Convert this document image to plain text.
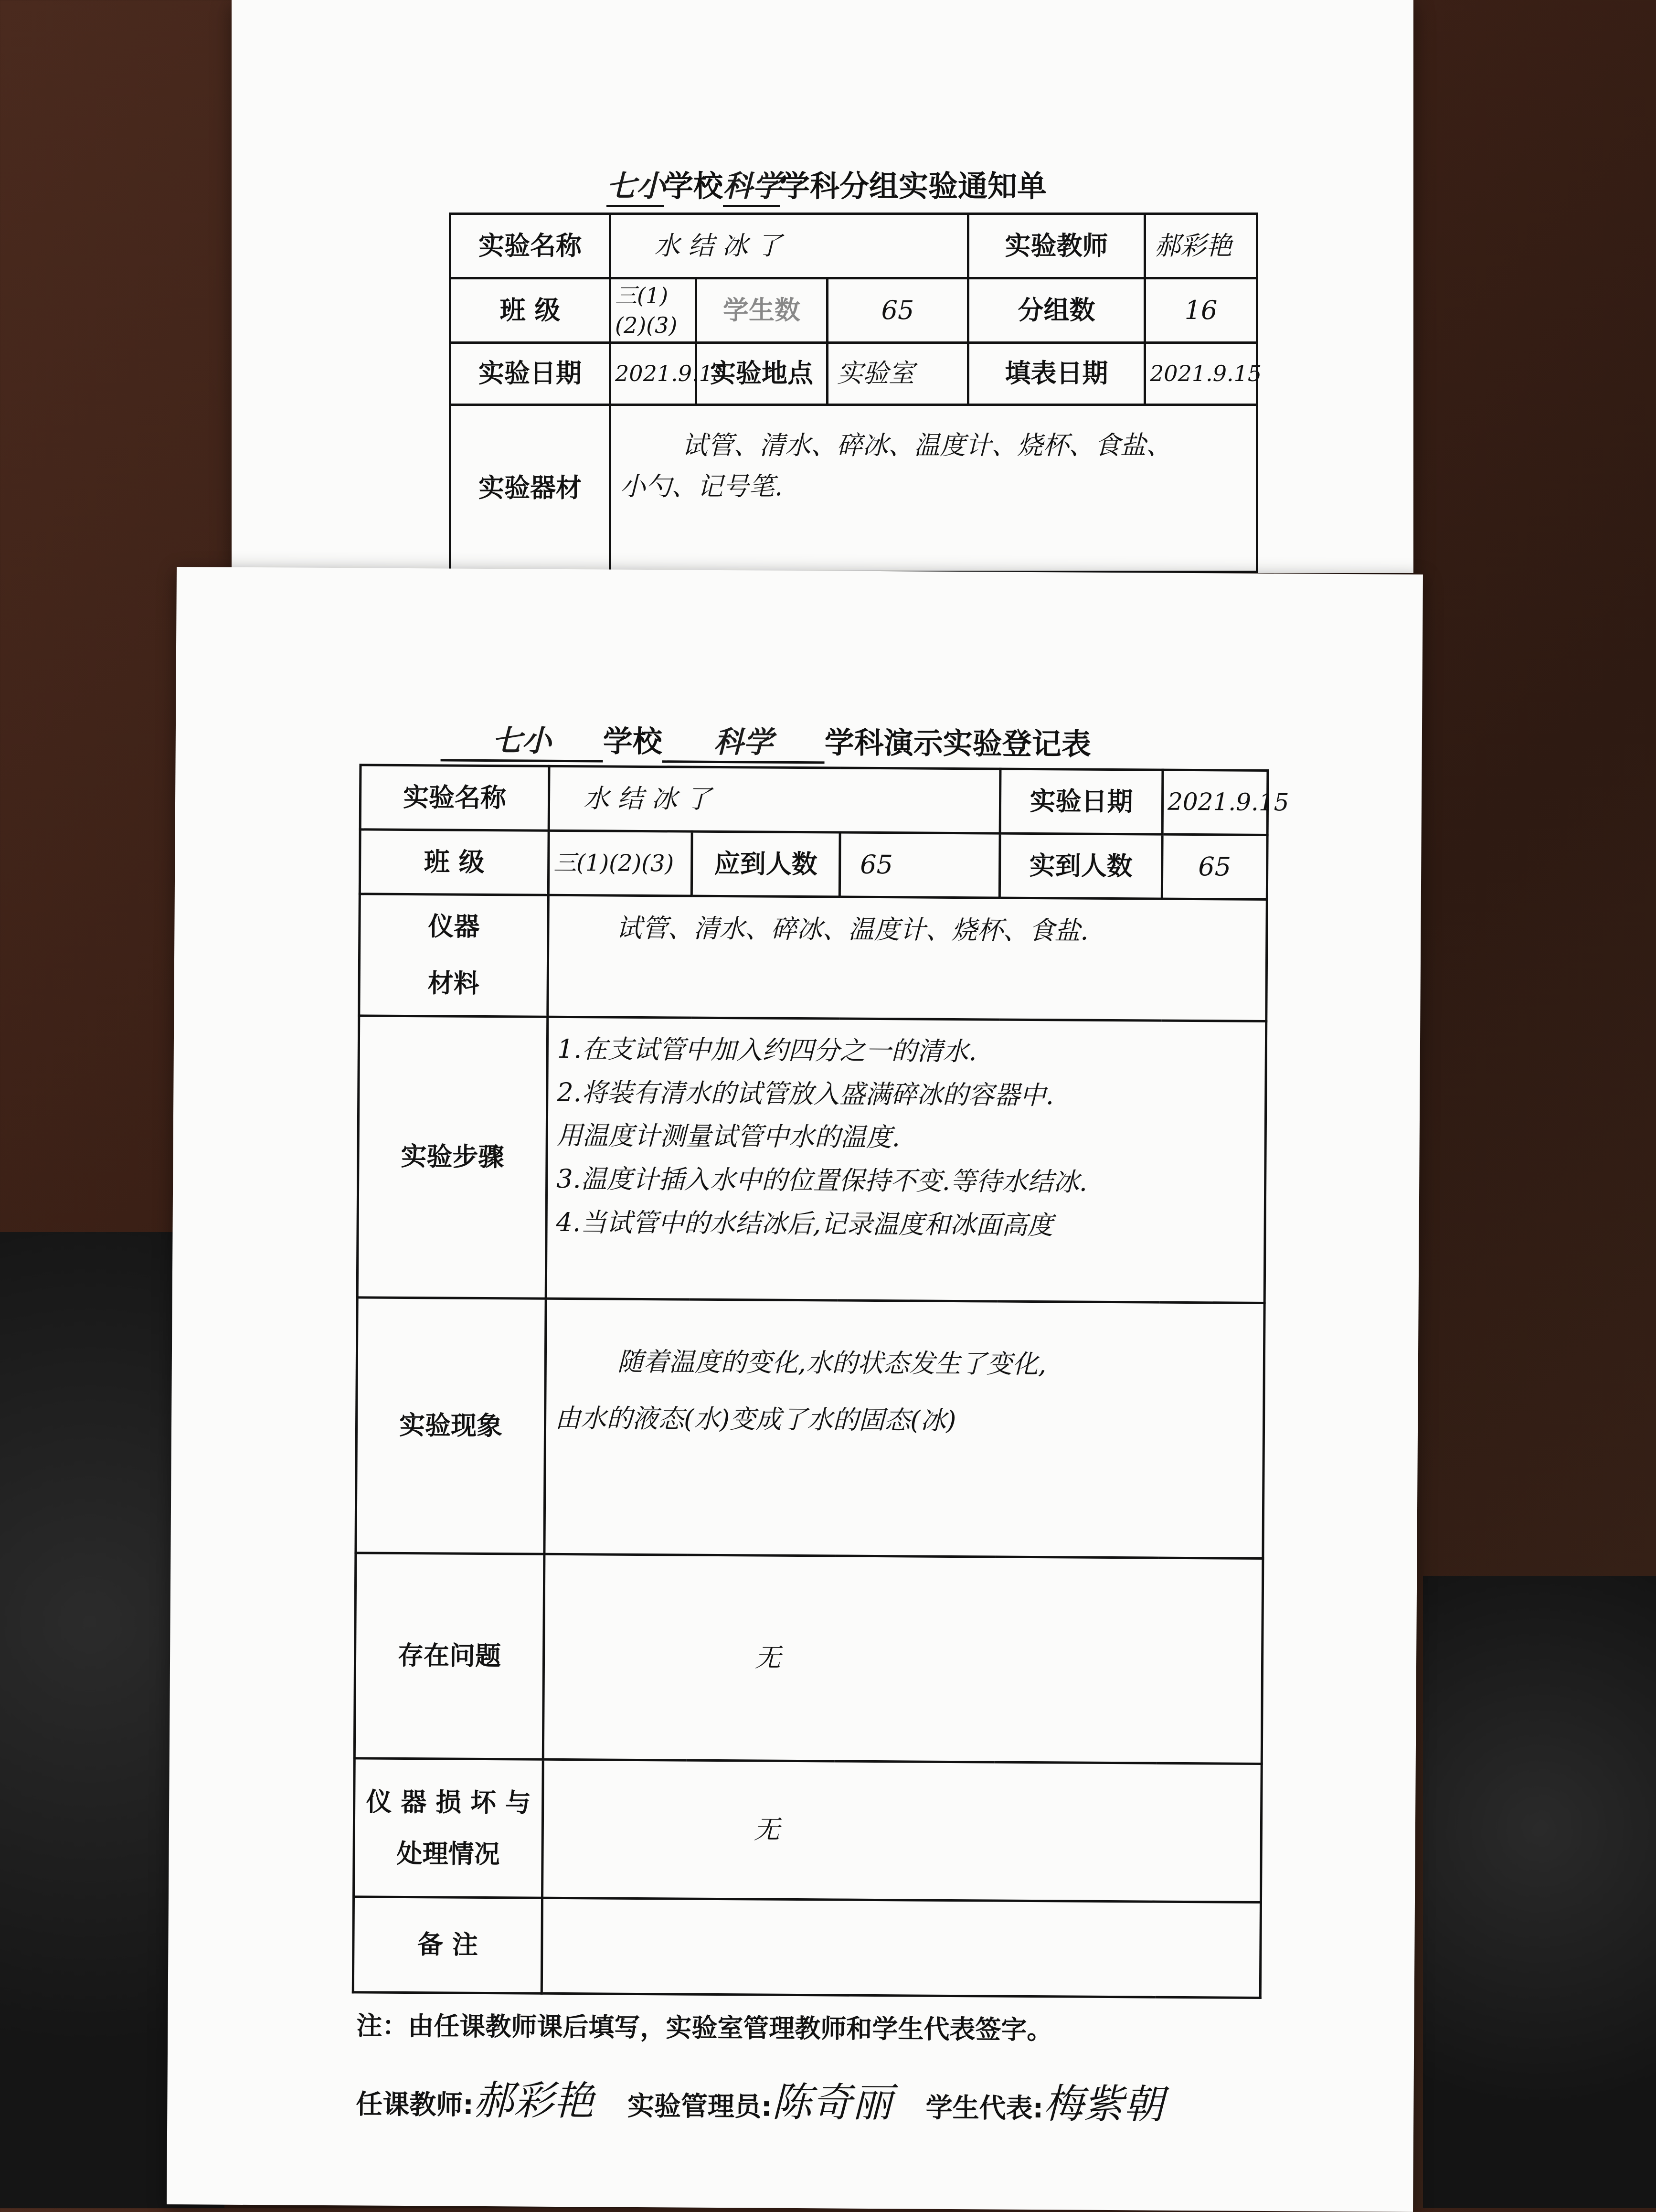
七小学校科学学科分组实验通知单
实验名称	水 结 冰 了			实验教师	郝彩艳
班 级	三(1)(2)(3)	学生数	65	分组数	16
实验日期	2021.9.15	实验地点	实验室	填表日期	2021.9.15
实验器材	试管、清水、碎冰、温度计、烧杯、食盐、
小勺、记号笔.				
七小 学校 科学 学科演示实验登记表
实验名称	水 结 冰 了			实验日期	2021.9.15
班 级	三(1)(2)(3)	应到人数	65	实到人数	65

仪器
材料	试管、清水、碎冰、温度计、烧杯、食盐.				
实验步骤	1.在支试管中加入约四分之一的清水.
2.将装有清水的试管放入盛满碎冰的容器中.
用温度计测量试管中水的温度.
3.温度计插入水中的位置保持不变.等待水结冰.
4.当试管中的水结冰后,记录温度和冰面高度				

实验现象	随着温度的变化,水的状态发生了变化,
由水的液态(水)变成了水的固态(冰)				

存在问题	无				

仪 器 损 坏 与
处理情况	无				
备 注					
注：由任课教师课后填写，实验室管理教师和学生代表签字。
任课教师:郝彩艳 实验管理员:陈奇丽 学生代表:梅紫朝
